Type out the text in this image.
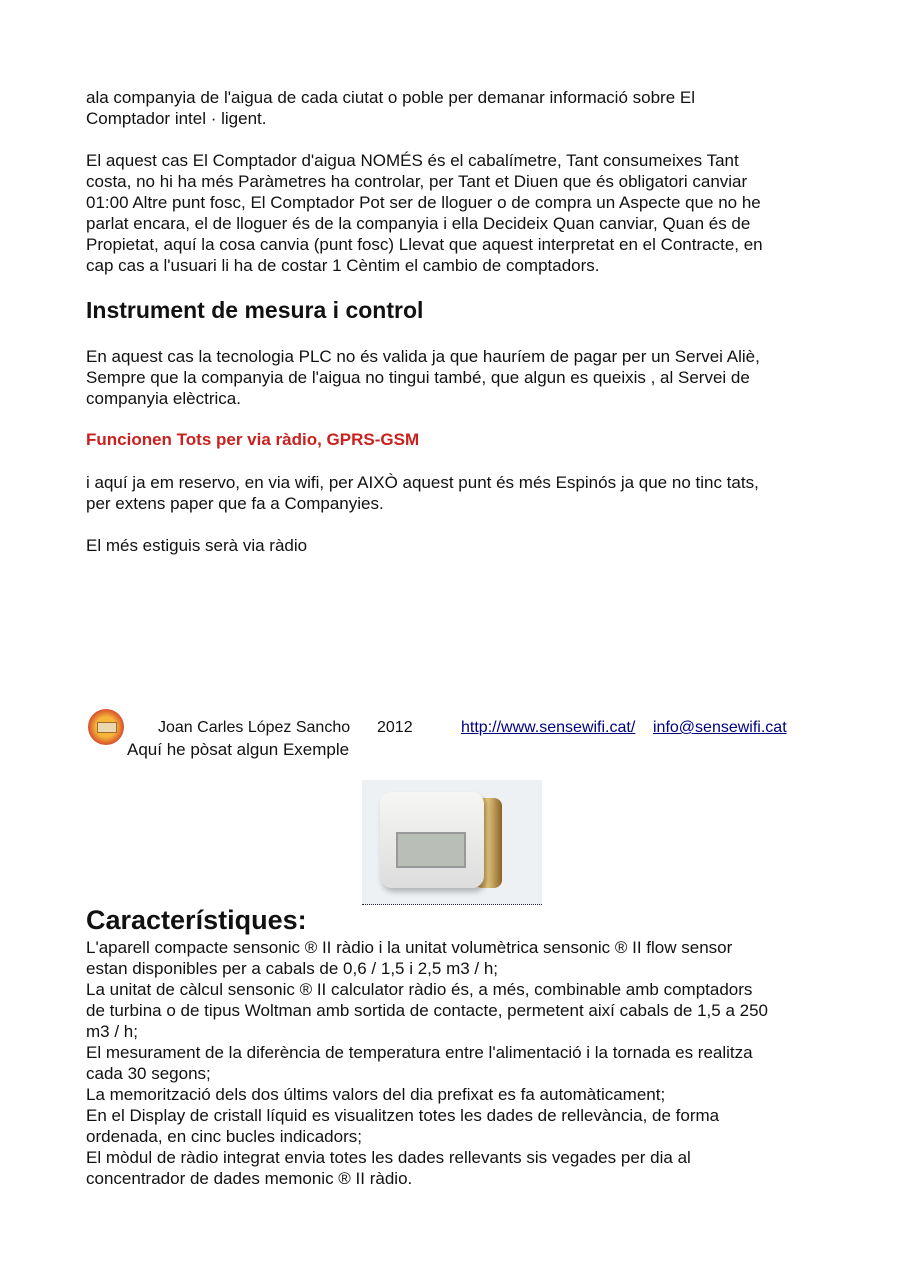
ala companyia de l'aigua de cada ciutat o poble per demanar informació sobre El
Comptador intel · ligent.
El aquest cas El Comptador d'aigua NOMÉS és el cabalímetre, Tant consumeixes Tant
costa, no hi ha més Paràmetres ha controlar, per Tant et Diuen que és obligatori canviar
01:00 Altre punt fosc, El Comptador Pot ser de lloguer o de compra un Aspecte que no he
parlat encara, el de lloguer és de la companyia i ella Decideix Quan canviar, Quan és de
Propietat, aquí la cosa canvia (punt fosc) Llevat que aquest interpretat en el Contracte, en
cap cas a l'usuari li ha de costar 1 Cèntim el cambio de comptadors.
Instrument de mesura i control
En aquest cas la tecnologia PLC no és valida ja que hauríem de pagar per un Servei Aliè,
Sempre que la companyia de l'aigua no tingui també, que algun es queixis , al Servei de
companyia elèctrica.
Funcionen Tots per via ràdio, GPRS-GSM
i aquí ja em reservo, en via wifi, per AIXÒ aquest punt és més Espinós ja que no tinc tats,
per extens paper que fa a Companyies.
El més estiguis serà via ràdio
Joan Carles López Sancho 2012	http://www.sensewifi.cat/ info@sensewifi.cat
Aquí he pòsat algun Exemple
Característiques:
L'aparell compacte sensonic ® II ràdio i la unitat volumètrica sensonic ® II flow sensor
estan disponibles per a cabals de 0,6 / 1,5 i 2,5 m3 / h;
La unitat de càlcul sensonic ® II calculator ràdio és, a més, combinable amb comptadors
de turbina o de tipus Woltman amb sortida de contacte, permetent així cabals de 1,5 a 250
m3 / h;
El mesurament de la diferència de temperatura entre l'alimentació i la tornada es realitza
cada 30 segons;
La memorització dels dos últims valors del dia prefixat es fa automàticament;
En el Display de cristall líquid es visualitzen totes les dades de rellevància, de forma
ordenada, en cinc bucles indicadors;
El mòdul de ràdio integrat envia totes les dades rellevants sis vegades per dia al
concentrador de dades memonic ® II ràdio.
